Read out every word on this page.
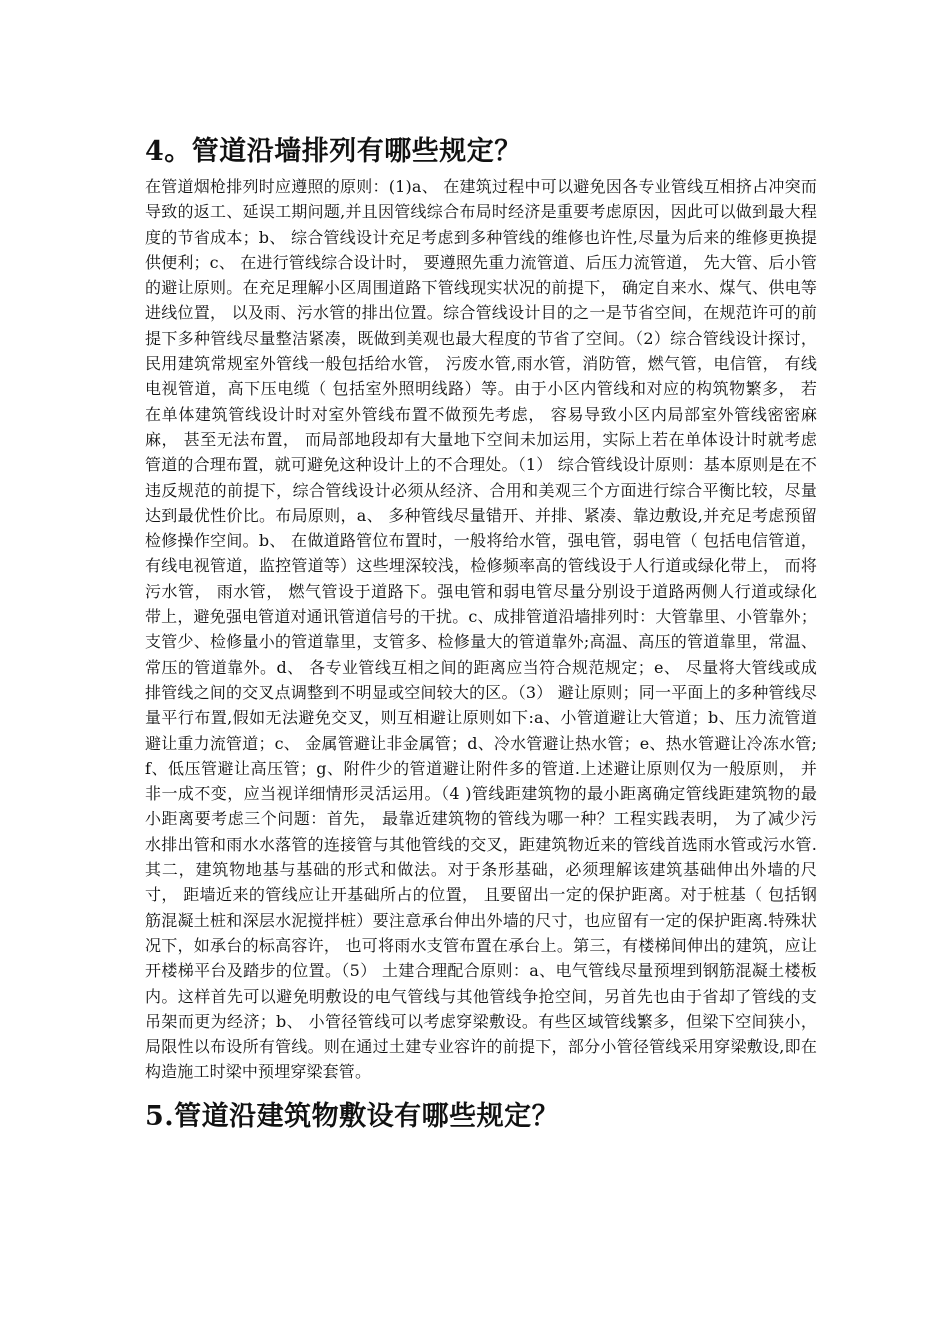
4。管道沿墙排列有哪些规定？

在管道烟枪排列时应遵照的原则：(1)a、 在建筑过程中可以避免因各专业管线互相挤占冲突而导致的返工、延误工期问题,并且因管线综合布局时经济是重要考虑原因，因此可以做到最大程度的节省成本；b、 综合管线设计充足考虑到多种管线的维修也许性,尽量为后来的维修更换提供便利；c、 在进行管线综合设计时， 要遵照先重力流管道、后压力流管道， 先大管、后小管的避让原则。在充足理解小区周围道路下管线现实状况的前提下， 确定自来水、煤气、供电等进线位置， 以及雨、污水管的排出位置。综合管线设计目的之一是节省空间，在规范许可的前提下多种管线尽量整洁紧凑，既做到美观也最大程度的节省了空间。（2）综合管线设计探讨，民用建筑常规室外管线一般包括给水管， 污废水管,雨水管，消防管，燃气管，电信管， 有线电视管道，高下压电缆（ 包括室外照明线路）等。由于小区内管线和对应的构筑物繁多， 若在单体建筑管线设计时对室外管线布置不做预先考虑， 容易导致小区内局部室外管线密密麻麻， 甚至无法布置， 而局部地段却有大量地下空间未加运用，实际上若在单体设计时就考虑管道的合理布置，就可避免这种设计上的不合理处。（1） 综合管线设计原则：基本原则是在不违反规范的前提下，综合管线设计必须从经济、合用和美观三个方面进行综合平衡比较，尽量达到最优性价比。布局原则，a、 多种管线尽量错开、并排、紧凑、靠边敷设,并充足考虑预留检修操作空间。b、 在做道路管位布置时，一般将给水管，强电管，弱电管（ 包括电信管道，有线电视管道，监控管道等）这些埋深较浅，检修频率高的管线设于人行道或绿化带上， 而将污水管， 雨水管， 燃气管设于道路下。强电管和弱电管尽量分别设于道路两侧人行道或绿化带上，避免强电管道对通讯管道信号的干扰。c、成排管道沿墙排列时：大管靠里、小管靠外；支管少、检修量小的管道靠里，支管多、检修量大的管道靠外;高温、高压的管道靠里，常温、常压的管道靠外。d、 各专业管线互相之间的距离应当符合规范规定；e、 尽量将大管线或成排管线之间的交叉点调整到不明显或空间较大的区。（3） 避让原则；同一平面上的多种管线尽量平行布置,假如无法避免交叉，则互相避让原则如下:a、小管道避让大管道；b、压力流管道避让重力流管道；c、 金属管避让非金属管；d、冷水管避让热水管；e、热水管避让冷冻水管;f、低压管避让高压管；g、附件少的管道避让附件多的管道.上述避让原则仅为一般原则， 并非一成不变，应当视详细情形灵活运用。（4 )管线距建筑物的最小距离确定管线距建筑物的最小距离要考虑三个问题：首先， 最靠近建筑物的管线为哪一种？工程实践表明， 为了减少污水排出管和雨水水落管的连接管与其他管线的交叉，距建筑物近来的管线首选雨水管或污水管.其二，建筑物地基与基础的形式和做法。对于条形基础，必须理解该建筑基础伸出外墙的尺寸， 距墙近来的管线应让开基础所占的位置， 且要留出一定的保护距离。对于桩基（ 包括钢筋混凝土桩和深层水泥搅拌桩）要注意承台伸出外墙的尺寸，也应留有一定的保护距离.特殊状况下，如承台的标高容许， 也可将雨水支管布置在承台上。第三，有楼梯间伸出的建筑，应让开楼梯平台及踏步的位置。（5） 土建合理配合原则：a、电气管线尽量预埋到钢筋混凝土楼板内。这样首先可以避免明敷设的电气管线与其他管线争抢空间，另首先也由于省却了管线的支吊架而更为经济；b、 小管径管线可以考虑穿梁敷设。有些区域管线繁多，但梁下空间狭小，局限性以布设所有管线。则在通过土建专业容许的前提下，部分小管径管线采用穿梁敷设,即在构造施工时梁中预埋穿梁套管。

5.管道沿建筑物敷设有哪些规定？
